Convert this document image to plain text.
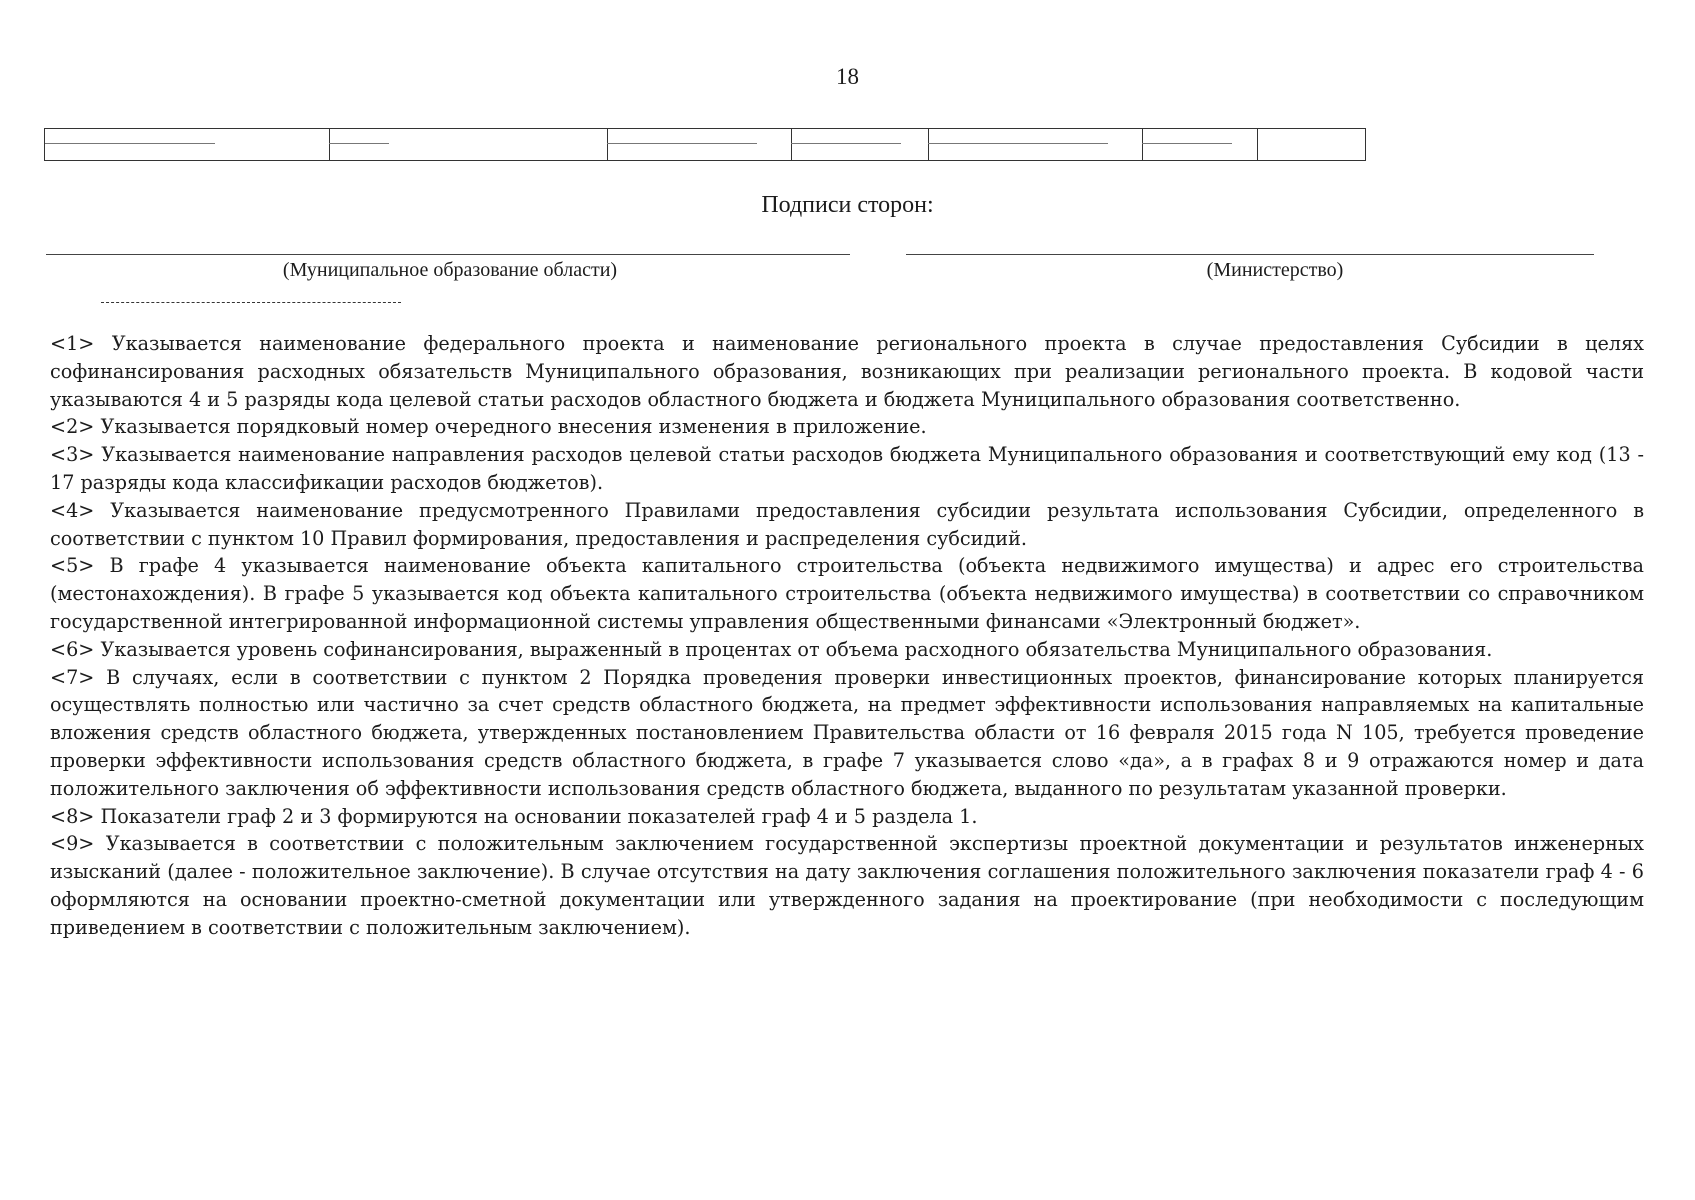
18
Подписи сторон:
(Муниципальное образование области)	(Министерство)

<1> Указывается наименование федерального проекта и наименование регионального проекта в случае предоставления Субсидии в целях софинансирования расходных обязательств Муниципального образования, возникающих при реализации регионального проекта. В кодовой части указываются 4 и 5 разряды кода целевой статьи расходов областного бюджета и бюджета Муниципального образования соответственно.

<2> Указывается порядковый номер очередного внесения изменения в приложение.

<3> Указывается наименование направления расходов целевой статьи расходов бюджета Муниципального образования и соответствующий ему код (13 - 17 разряды кода классификации расходов бюджетов).

<4> Указывается наименование предусмотренного Правилами предоставления субсидии результата использования Субсидии, определенного в соответствии с пунктом 10 Правил формирования, предоставления и распределения субсидий.

<5> В графе 4 указывается наименование объекта капитального строительства (объекта недвижимого имущества) и адрес его строительства (местонахождения). В графе 5 указывается код объекта капитального строительства (объекта недвижимого имущества) в соответствии со справочником государственной интегрированной информационной системы управления общественными финансами «Электронный бюджет».

<6> Указывается уровень софинансирования, выраженный в процентах от объема расходного обязательства Муниципального образования.

<7> В случаях, если в соответствии с пунктом 2 Порядка проведения проверки инвестиционных проектов, финансирование которых планируется осуществлять полностью или частично за счет средств областного бюджета, на предмет эффективности использования направляемых на капитальные вложения средств областного бюджета, утвержденных постановлением Правительства области от 16 февраля 2015 года N 105, требуется проведение проверки эффективности использования средств областного бюджета, в графе 7 указывается слово «да», а в графах 8 и 9 отражаются номер и дата положительного заключения об эффективности использования средств областного бюджета, выданного по результатам указанной проверки.

<8> Показатели граф 2 и 3 формируются на основании показателей граф 4 и 5 раздела 1.

<9> Указывается в соответствии с положительным заключением государственной экспертизы проектной документации и результатов инженерных изысканий (далее - положительное заключение). В случае отсутствия на дату заключения соглашения положительного заключения показатели граф 4 - 6 оформляются на основании проектно-сметной документации или утвержденного задания на проектирование (при необходимости с последующим приведением в соответствии с положительным заключением).
